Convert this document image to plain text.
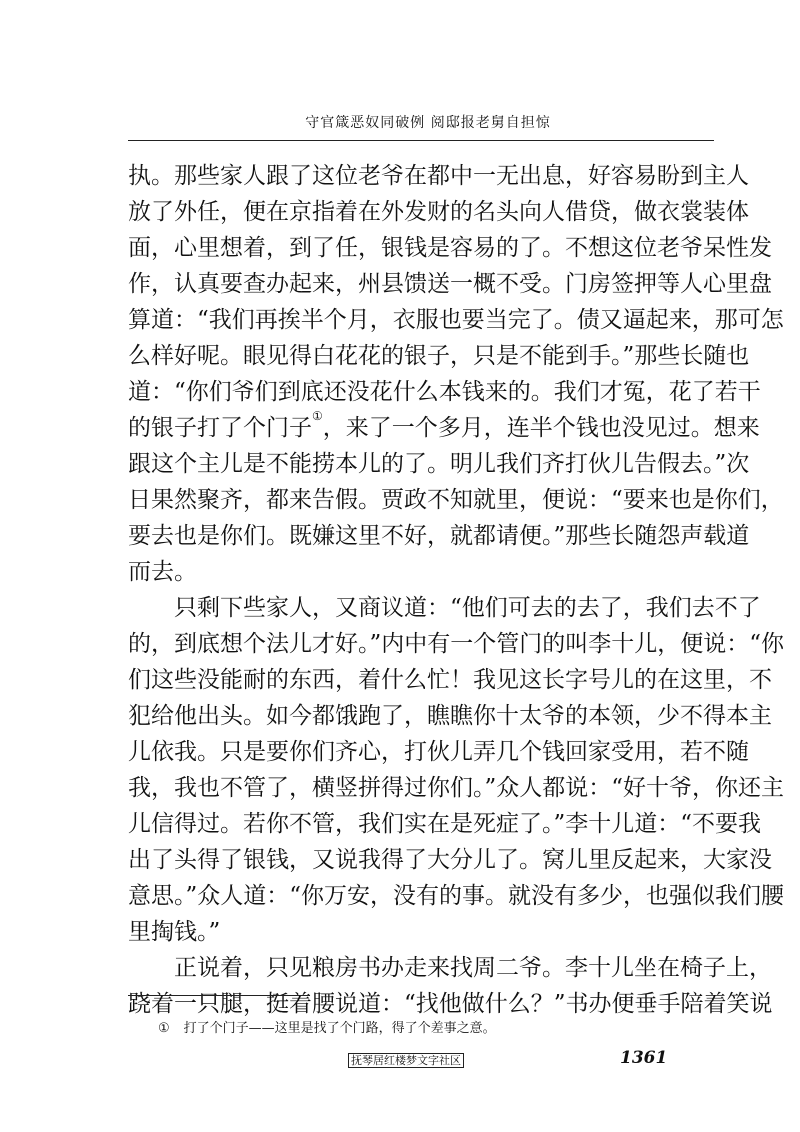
守官箴恶奴同破例 阅邸报老舅自担惊
执。那些家人跟了这位老爷在都中一无出息，好容易盼到主人
放了外任，便在京指着在外发财的名头向人借贷，做衣裳装体
面，心里想着，到了任，银钱是容易的了。不想这位老爷呆性发
作，认真要查办起来，州县馈送一概不受。门房签押等人心里盘
算道：“我们再挨半个月，衣服也要当完了。债又逼起来，那可怎
么样好呢。眼见得白花花的银子，只是不能到手。”那些长随也
道：“你们爷们到底还没花什么本钱来的。我们才冤，花了若干
的银子打了个门子①，来了一个多月，连半个钱也没见过。想来
跟这个主儿是不能捞本儿的了。明儿我们齐打伙儿告假去。”次
日果然聚齐，都来告假。贾政不知就里，便说：“要来也是你们，
要去也是你们。既嫌这里不好，就都请便。”那些长随怨声载道
而去。
只剩下些家人，又商议道：“他们可去的去了，我们去不了
的，到底想个法儿才好。”内中有一个管门的叫李十儿，便说：“你
们这些没能耐的东西，着什么忙！我见这长字号儿的在这里，不
犯给他出头。如今都饿跑了，瞧瞧你十太爷的本领，少不得本主
儿依我。只是要你们齐心，打伙儿弄几个钱回家受用，若不随
我，我也不管了，横竖拼得过你们。”众人都说：“好十爷，你还主
儿信得过。若你不管，我们实在是死症了。”李十儿道：“不要我
出了头得了银钱，又说我得了大分儿了。窝儿里反起来，大家没
意思。”众人道：“你万安，没有的事。就没有多少，也强似我们腰
里掏钱。”
正说着，只见粮房书办走来找周二爷。李十儿坐在椅子上，
跷着一只腿，挺着腰说道：“找他做什么？”书办便垂手陪着笑说
① 打了个门子——这里是找了个门路，得了个差事之意。
抚琴居红楼梦文字社区	1361
